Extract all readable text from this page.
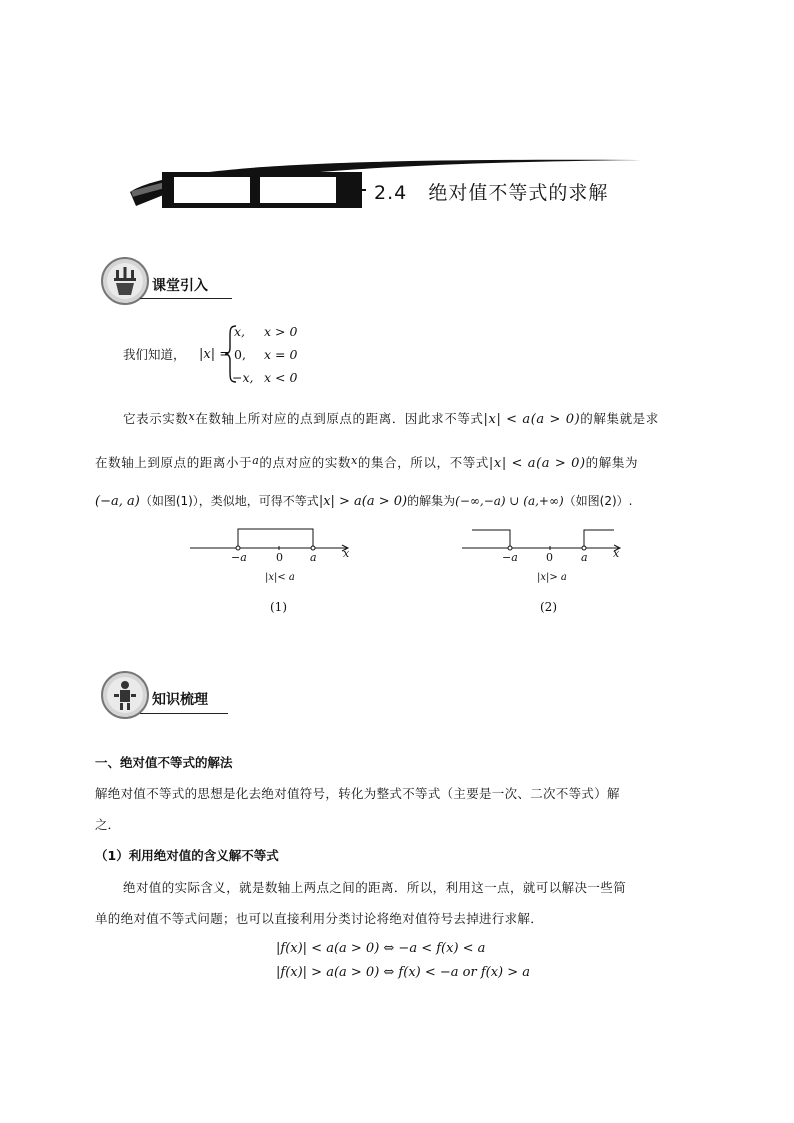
2.4 绝对值不等式的求解
课堂引入
我们知道， |x| =
x, x > 0
0, x = 0
−x, x < 0
它表示实数x在数轴上所对应的点到原点的距离．因此求不等式|x| < a(a > 0)的解集就是求
在数轴上到原点的距离小于a的点对应的实数x的集合，所以，不等式|x| < a(a > 0)的解集为
(−a, a)（如图(1)），类似地，可得不等式|x| > a(a > 0)的解集为(−∞,−a) ∪ (a,+∞)（如图(2)）.
−a	0 a x
|x|< a
(1)
−a	0	a x
|x|> a
(2)
知识梳理
一、绝对值不等式的解法
解绝对值不等式的思想是化去绝对值符号，转化为整式不等式（主要是一次、二次不等式）解
之．
（1）利用绝对值的含义解不等式
绝对值的实际含义，就是数轴上两点之间的距离．所以，利用这一点，就可以解决一些简
单的绝对值不等式问题；也可以直接利用分类讨论将绝对值符号去掉进行求解．
|f(x)| < a(a > 0) ⇔ −a < f(x) < a
|f(x)| > a(a > 0) ⇔ f(x) < −a or f(x) > a
